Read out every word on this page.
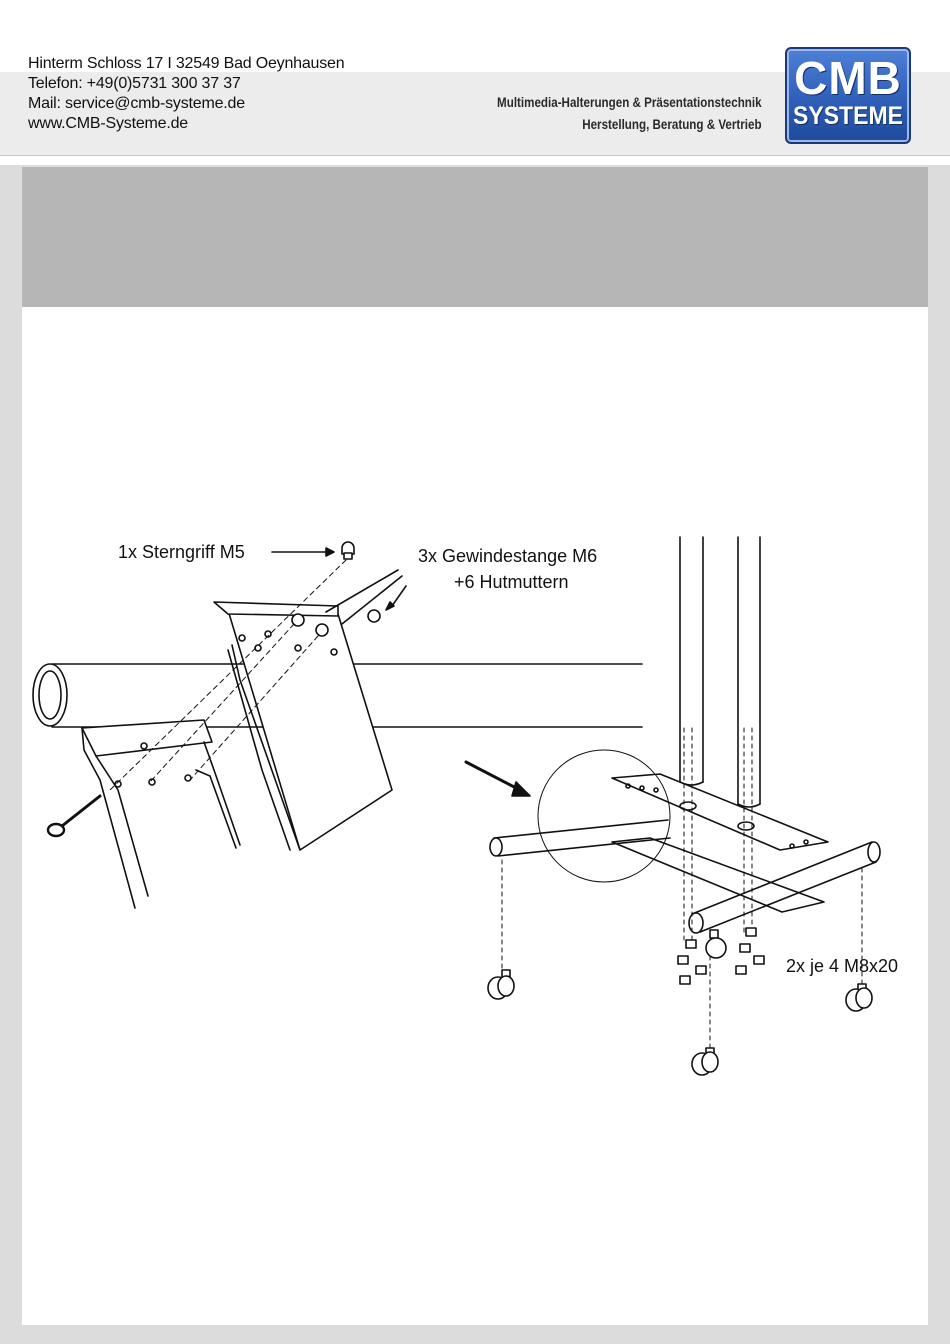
Hinterm Schloss 17 I 32549 Bad Oeynhausen
Telefon: +49(0)5731 300 37 37
Mail: service@cmb-systeme.de
www.CMB-Systeme.de
Multimedia-Halterungen & Präsentationstechnik
Herstellung, Beratung & Vertrieb
CMB
SYSTEME
1x Sterngriff M5	3x Gewindestange M6
+6 Hutmuttern
2x je 4 M8x20
